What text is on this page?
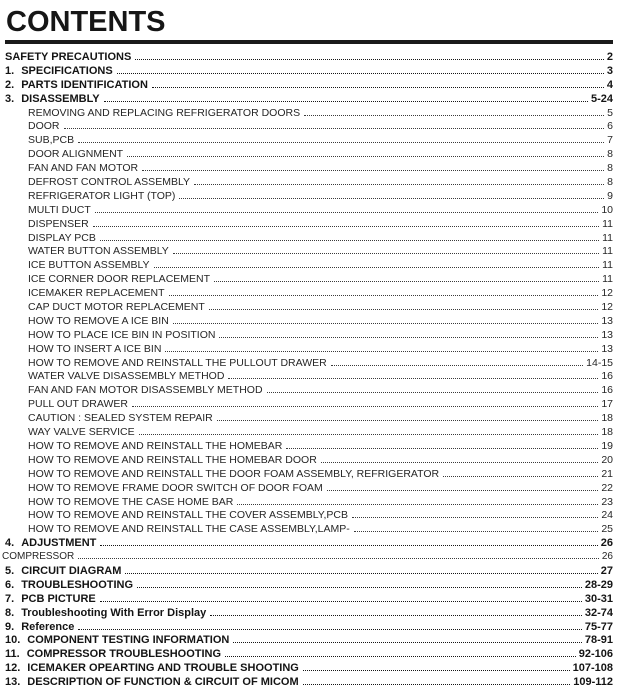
CONTENTS
SAFETY PRECAUTIONS	2
1. SPECIFICATIONS	3
2. PARTS IDENTIFICATION	4
3. DISASSEMBLY	5-24
REMOVING AND REPLACING REFRIGERATOR DOORS	5
DOOR	6
SUB,PCB	7
DOOR ALIGNMENT	8
FAN AND FAN MOTOR	8
DEFROST CONTROL ASSEMBLY	8
REFRIGERATOR LIGHT (TOP)	9
MULTI DUCT	10
DISPENSER	11
DISPLAY PCB	11
WATER BUTTON ASSEMBLY	11
ICE BUTTON ASSEMBLY	11
ICE CORNER DOOR REPLACEMENT	11
ICEMAKER REPLACEMENT	12
CAP DUCT MOTOR REPLACEMENT	12
HOW TO REMOVE A ICE BIN	13
HOW TO PLACE ICE BIN IN POSITION	13
HOW TO INSERT A ICE BIN	13
HOW TO REMOVE AND REINSTALL THE PULLOUT DRAWER	14-15
WATER VALVE DISASSEMBLY METHOD	16
FAN AND FAN MOTOR DISASSEMBLY METHOD	16
PULL OUT DRAWER	17
CAUTION : SEALED SYSTEM REPAIR	18
WAY VALVE SERVICE	18
HOW TO REMOVE AND REINSTALL THE HOMEBAR	19
HOW TO REMOVE AND REINSTALL THE HOMEBAR DOOR	20
HOW TO REMOVE AND REINSTALL THE DOOR FOAM ASSEMBLY, REFRIGERATOR	21
HOW TO REMOVE FRAME DOOR SWITCH OF DOOR FOAM	22
HOW TO REMOVE THE CASE HOME BAR	23
HOW TO REMOVE AND REINSTALL THE COVER ASSEMBLY,PCB	24
HOW TO REMOVE AND REINSTALL THE CASE ASSEMBLY,LAMP-	25
4. ADJUSTMENT	26
COMPRESSOR	26
5. CIRCUIT DIAGRAM	27
6. TROUBLESHOOTING	28-29
7. PCB PICTURE	30-31
8. Troubleshooting With Error Display	32-74
9. Reference	75-77
10. COMPONENT TESTING INFORMATION	78-91
11. COMPRESSOR TROUBLESHOOTING	92-106
12. ICEMAKER OPEARTING AND TROUBLE SHOOTING	107-108
13. DESCRIPTION OF FUNCTION & CIRCUIT OF MICOM	109-112
